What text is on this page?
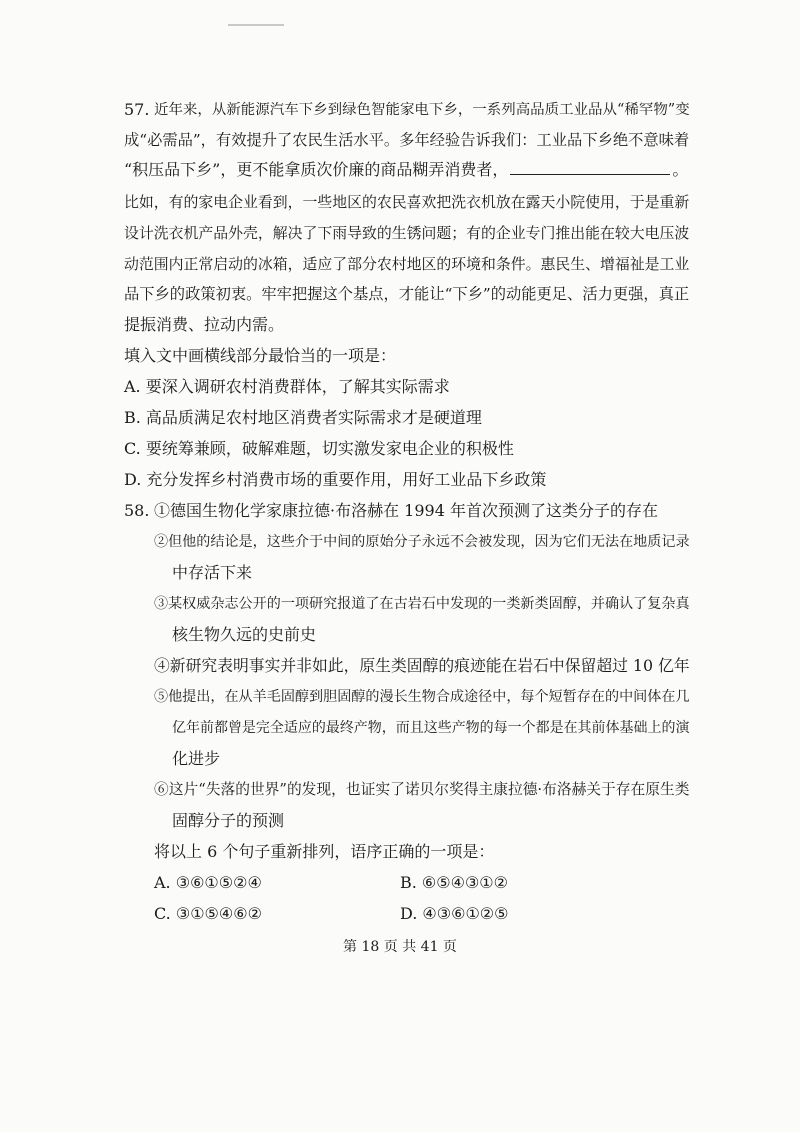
57. 近年来，从新能源汽车下乡到绿色智能家电下乡，一系列高品质工业品从“稀罕物”变
成“必需品”，有效提升了农民生活水平。多年经验告诉我们：工业品下乡绝不意味着
“积压品下乡”，更不能拿质次价廉的商品糊弄消费者，	。
比如，有的家电企业看到，一些地区的农民喜欢把洗衣机放在露天小院使用，于是重新
设计洗衣机产品外壳，解决了下雨导致的生锈问题；有的企业专门推出能在较大电压波
动范围内正常启动的冰箱，适应了部分农村地区的环境和条件。惠民生、增福祉是工业
品下乡的政策初衷。牢牢把握这个基点，才能让“下乡”的动能更足、活力更强，真正
提振消费、拉动内需。
填入文中画横线部分最恰当的一项是：
A. 要深入调研农村消费群体，了解其实际需求
B. 高品质满足农村地区消费者实际需求才是硬道理
C. 要统筹兼顾，破解难题，切实激发家电企业的积极性
D. 充分发挥乡村消费市场的重要作用，用好工业品下乡政策
58. ①德国生物化学家康拉德·布洛赫在 1994 年首次预测了这类分子的存在
②但他的结论是，这些介于中间的原始分子永远不会被发现，因为它们无法在地质记录
中存活下来
③某权威杂志公开的一项研究报道了在古岩石中发现的一类新类固醇，并确认了复杂真
核生物久远的史前史
④新研究表明事实并非如此，原生类固醇的痕迹能在岩石中保留超过 10 亿年
⑤他提出，在从羊毛固醇到胆固醇的漫长生物合成途径中，每个短暂存在的中间体在几
亿年前都曾是完全适应的最终产物，而且这些产物的每一个都是在其前体基础上的演
化进步
⑥这片“失落的世界”的发现，也证实了诺贝尔奖得主康拉德·布洛赫关于存在原生类
固醇分子的预测
将以上 6 个句子重新排列，语序正确的一项是：
A. ③⑥①⑤②④	B. ⑥⑤④③①②
C. ③①⑤④⑥②	D. ④③⑥①②⑤
第 18 页 共 41 页
